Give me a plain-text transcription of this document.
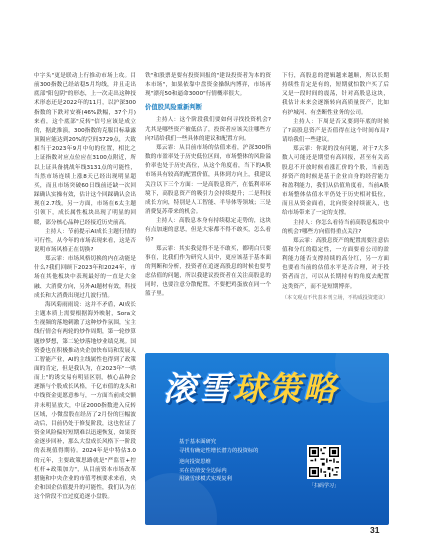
中字头"更是联动上行推动市场上攻。目前300指数已经站稳5月均线，并且走出底部"阳包阴"的形态，上一次走出这种技术形态还是2022年的11月，以沪深300指数的下跌对安赛(46%跌幅，37个月)来看，这个底部"反转"信号应该是成立的，据此推演，300指数的克服目标暴露顶隔应能达到20%的空间3729点，大致相当于2023年9月中旬的位置，相比之上证指数对应点位应在3100点附近，所以上证具备挑战年线3131点的可能性，当然市场连续上涨8天已经出现明显超买，而且市场突破60日线前还缺一次回踩确认实操有效，估计这个回踩确认会出现在2.7线，另一方面，市场在6太主题引领下，成长属性板块出现了明显的回暖，部分核心品种已经接近历史前高。

主持人：节前提示AI成长主题行情的可行性，从今年的市场表现来看，这是否说明市场风格正在切换?

郑云霏：市场风格切换的内在动能是什么?我们回顾下2023年和2024年，市场在其他板块中表现最好的一直是大金融、大消费方向，另外AI题材有效，科技成长和大消费出现过几波行情。

海风菊雨雨说：这并不矛盾，AI成长主题本质上需要根据海外映射，Sora文生视频的落地刺激了这种炒作氛围，宝主线行情会有两轮的炒作周期，第一轮炒算题炒梦想，第二轮炒落地炒业绩兑现。国资委也在积极推动央企加快布局和发展人工智能产业，AI的主线属性也得到了政策面的肯定，但是我认为，在2023年"一哄而上"的诱交易有明显区别，核心品种会逐渐与个股成长风格，千亿市值的龙头和中线资金更愿意参与，一方面当前成交额并未明显放大，中证2000指数进入反转区域，小微盘股在经历了2月份的巨幅波动后，目前仍处于修复阶段，这也佐证了资金风险偏好短期难以迅速恢复，如果资金逐步回补，那么大盘成长风格下一阶段的表现值得期待。2024年是中特估3.0的元年，主要政策思路就是"严监管+控杠杆+政策加力"，从目前资本市场改革措施和中央企业的市值考核要求来看，央企和国企估值提升的可能性，我们认为在这个阶段不宜过度追逐小盘股。

铁"和股票是要有投资回报的"建设投资者为本的资本市场"，如果依靠中盘资金操纵内博弈，市场再现"漂亮50和逼命3000"行情概率很大。

价值股风险重新判断

主持人：这个阶段我们要如何寻找投资机会?尤其是哪些资产被低估了，投资者应该关注哪些方向?请给我们一些具体的建议和配置方向。

郑云霏：从目前市场的估值来看，沪深300指数的市盈率处于历史低位区间，市场整体的风险溢价率也处于历史高位，从这个角度看，当下的A股市场具有较高的配置价值，具体到方向上，我建议关注以下三个方面：一是高股息资产，在低利率环境下，高股息资产的吸引力会持续提升；二是科技成长方向，特别是人工智能、半导体等领域；三是消费复苏带来的机会。

主持人：高股息本身有持续稳定走势的，这块有点加速的意思，但是大家都不得不敢买，怎么看待?

郑云霏：其实我觉得不是不敢买，都明白只要事在，比我们作为研究人员中，更应该基于基本面的判断和分析，投资者在追逐高股息的时候也要考虑估值的问题，所以我建议投资者在关注高股息的同时，也要注意分散配置，不要把鸡蛋放在同一个篮子里。

下行，高股息的逻辑越来越顺，所以长期持续性肯定是有的，短期就怕散户买了后又是一段时间的震荡，针对高股息这块，我估计未来会逐渐转向高质量资产，比如有护城河、有垄断性业务的公司。

主持人：下周是否又要到年底的时候了?高股息资产是否值得在这个时间布局?请给我们一些建议。

郑云霏：你说的没有问题，对于7大多数人可能还是期望有高回报，甚至有关高股息不开放时候看涨汇价的个股，当前选择资产的时候是基于企业自身的经营能力和盈利能力，我们从估值角度看，当前A股市场整体估值水平仍处于历史相对低位，而且从资金面看，北向资金持续流入，也给市场带来了一定的支撑。

主持人：你怎么看待当前高股息板块中的机会?哪些方向值得重点关注?

郑云霏：高股息资产的配置需要注意估值和分红的稳定性，一方面要看公司的盈利能力能否支撑持续的高分红，另一方面也要看当前的估值水平是否合理，对于投资者而言，可以从长期持有的角度去配置这类资产，而不是短期博弈。

（本文观点不代表本刊立场，不构成投资建议）

滚雪球策略
基于基本面研究
寻找有确定性增长潜力的投资标的
逆向投资思维
买在估值安全边际内
用滚雪球模式实现复利
「扫码学习」
31
